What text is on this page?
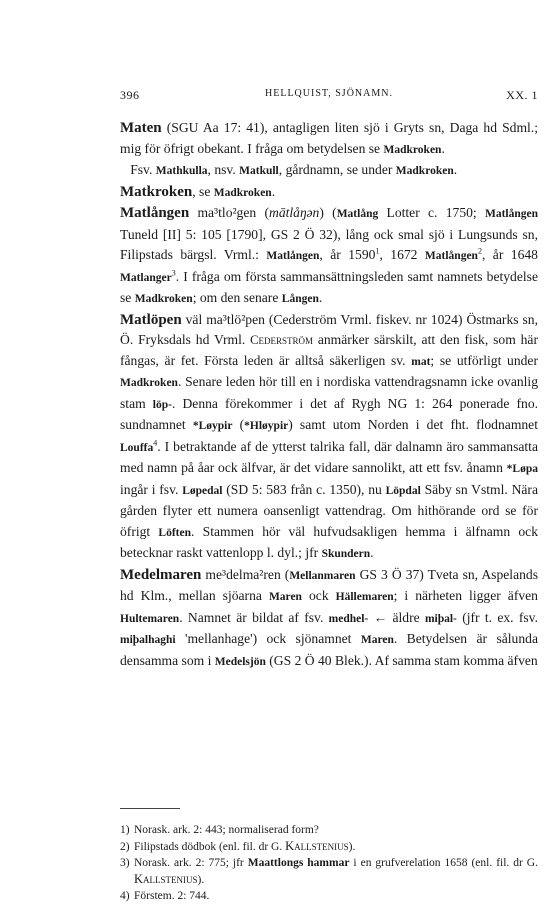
396	HELLQUIST, SJÖNAMN.	XX. 1

Maten (SGU Aa 17: 41), antagligen liten sjö i Gryts sn, Daga hd Sdml.; mig för öfrigt obekant. I fråga om betydelsen se Madkroken.

Fsv. Mathkulla, nsv. Matkull, gårdnamn, se under Madkroken.

Matkroken, se Madkroken.

Matlången ma³tlo²gen (mātlåŋən) (Matlång Lotter c. 1750; Matlången Tuneld [II] 5: 105 [1790], GS 2 Ö 32), lång ock smal sjö i Lungsunds sn, Filipstads bärgsl. Vrml.: Matlången, år 1590$^1$, 1672 Matlången$^2$, år 1648 Matlanger$^3$. I fråga om första sammansättningsleden samt namnets betydelse se Madkroken; om den senare Lången.

Matlöpen väl ma³tlö²pen (Cederström Vrml. fiskev. nr 1024) Östmarks sn, Ö. Fryksdals hd Vrml. Cederström anmärker särskilt, att den fisk, som här fångas, är fet. Första leden är alltså säkerligen sv. mat; se utförligt under Madkroken. Senare leden hör till en i nordiska vattendragsnamn icke ovanlig stam löp-. Denna förekommer i det af Rygh NG 1: 264 ponerade fno. sundnamnet *Løypir (*Hløypir) samt utom Norden i det fht. flodnamnet Louffa$^4$. I betraktande af de ytterst talrika fall, där dalnamn äro sammansatta med namn på åar ock älfvar, är det vidare sannolikt, att ett fsv. ånamn *Løpa ingår i fsv. Løpedal (SD 5: 583 från c. 1350), nu Löpdal Säby sn Vstml. Nära gården flyter ett numera oansenligt vattendrag. Om hithörande ord se för öfrigt Löften. Stammen hör väl hufvudsakligen hemma i älfnamn ock betecknar raskt vattenlopp l. dyl.; jfr Skundern.

Medelmaren me³delma²ren (Mellanmaren GS 3 Ö 37) Tveta sn, Aspelands hd Klm., mellan sjöarna Maren ock Hällemaren; i närheten ligger äfven Hultemaren. Namnet är bildat af fsv. medhel- ← äldre miþal- (jfr t. ex. fsv. miþalhaghi 'mellanhage') ock sjönamnet Maren. Betydelsen är sålunda densamma som i Medelsjön (GS 2 Ö 40 Blek.). Af samma stam komma äfven

1) Norask. ark. 2: 443; normaliserad form?

2) Filipstads dödbok (enl. fil. dr G. Kallstenius).

3) Norask. ark. 2: 775; jfr Maattlongs hammar i en grufverelation 1658 (enl. fil. dr G. Kallstenius).

4) Förstem. 2: 744.
